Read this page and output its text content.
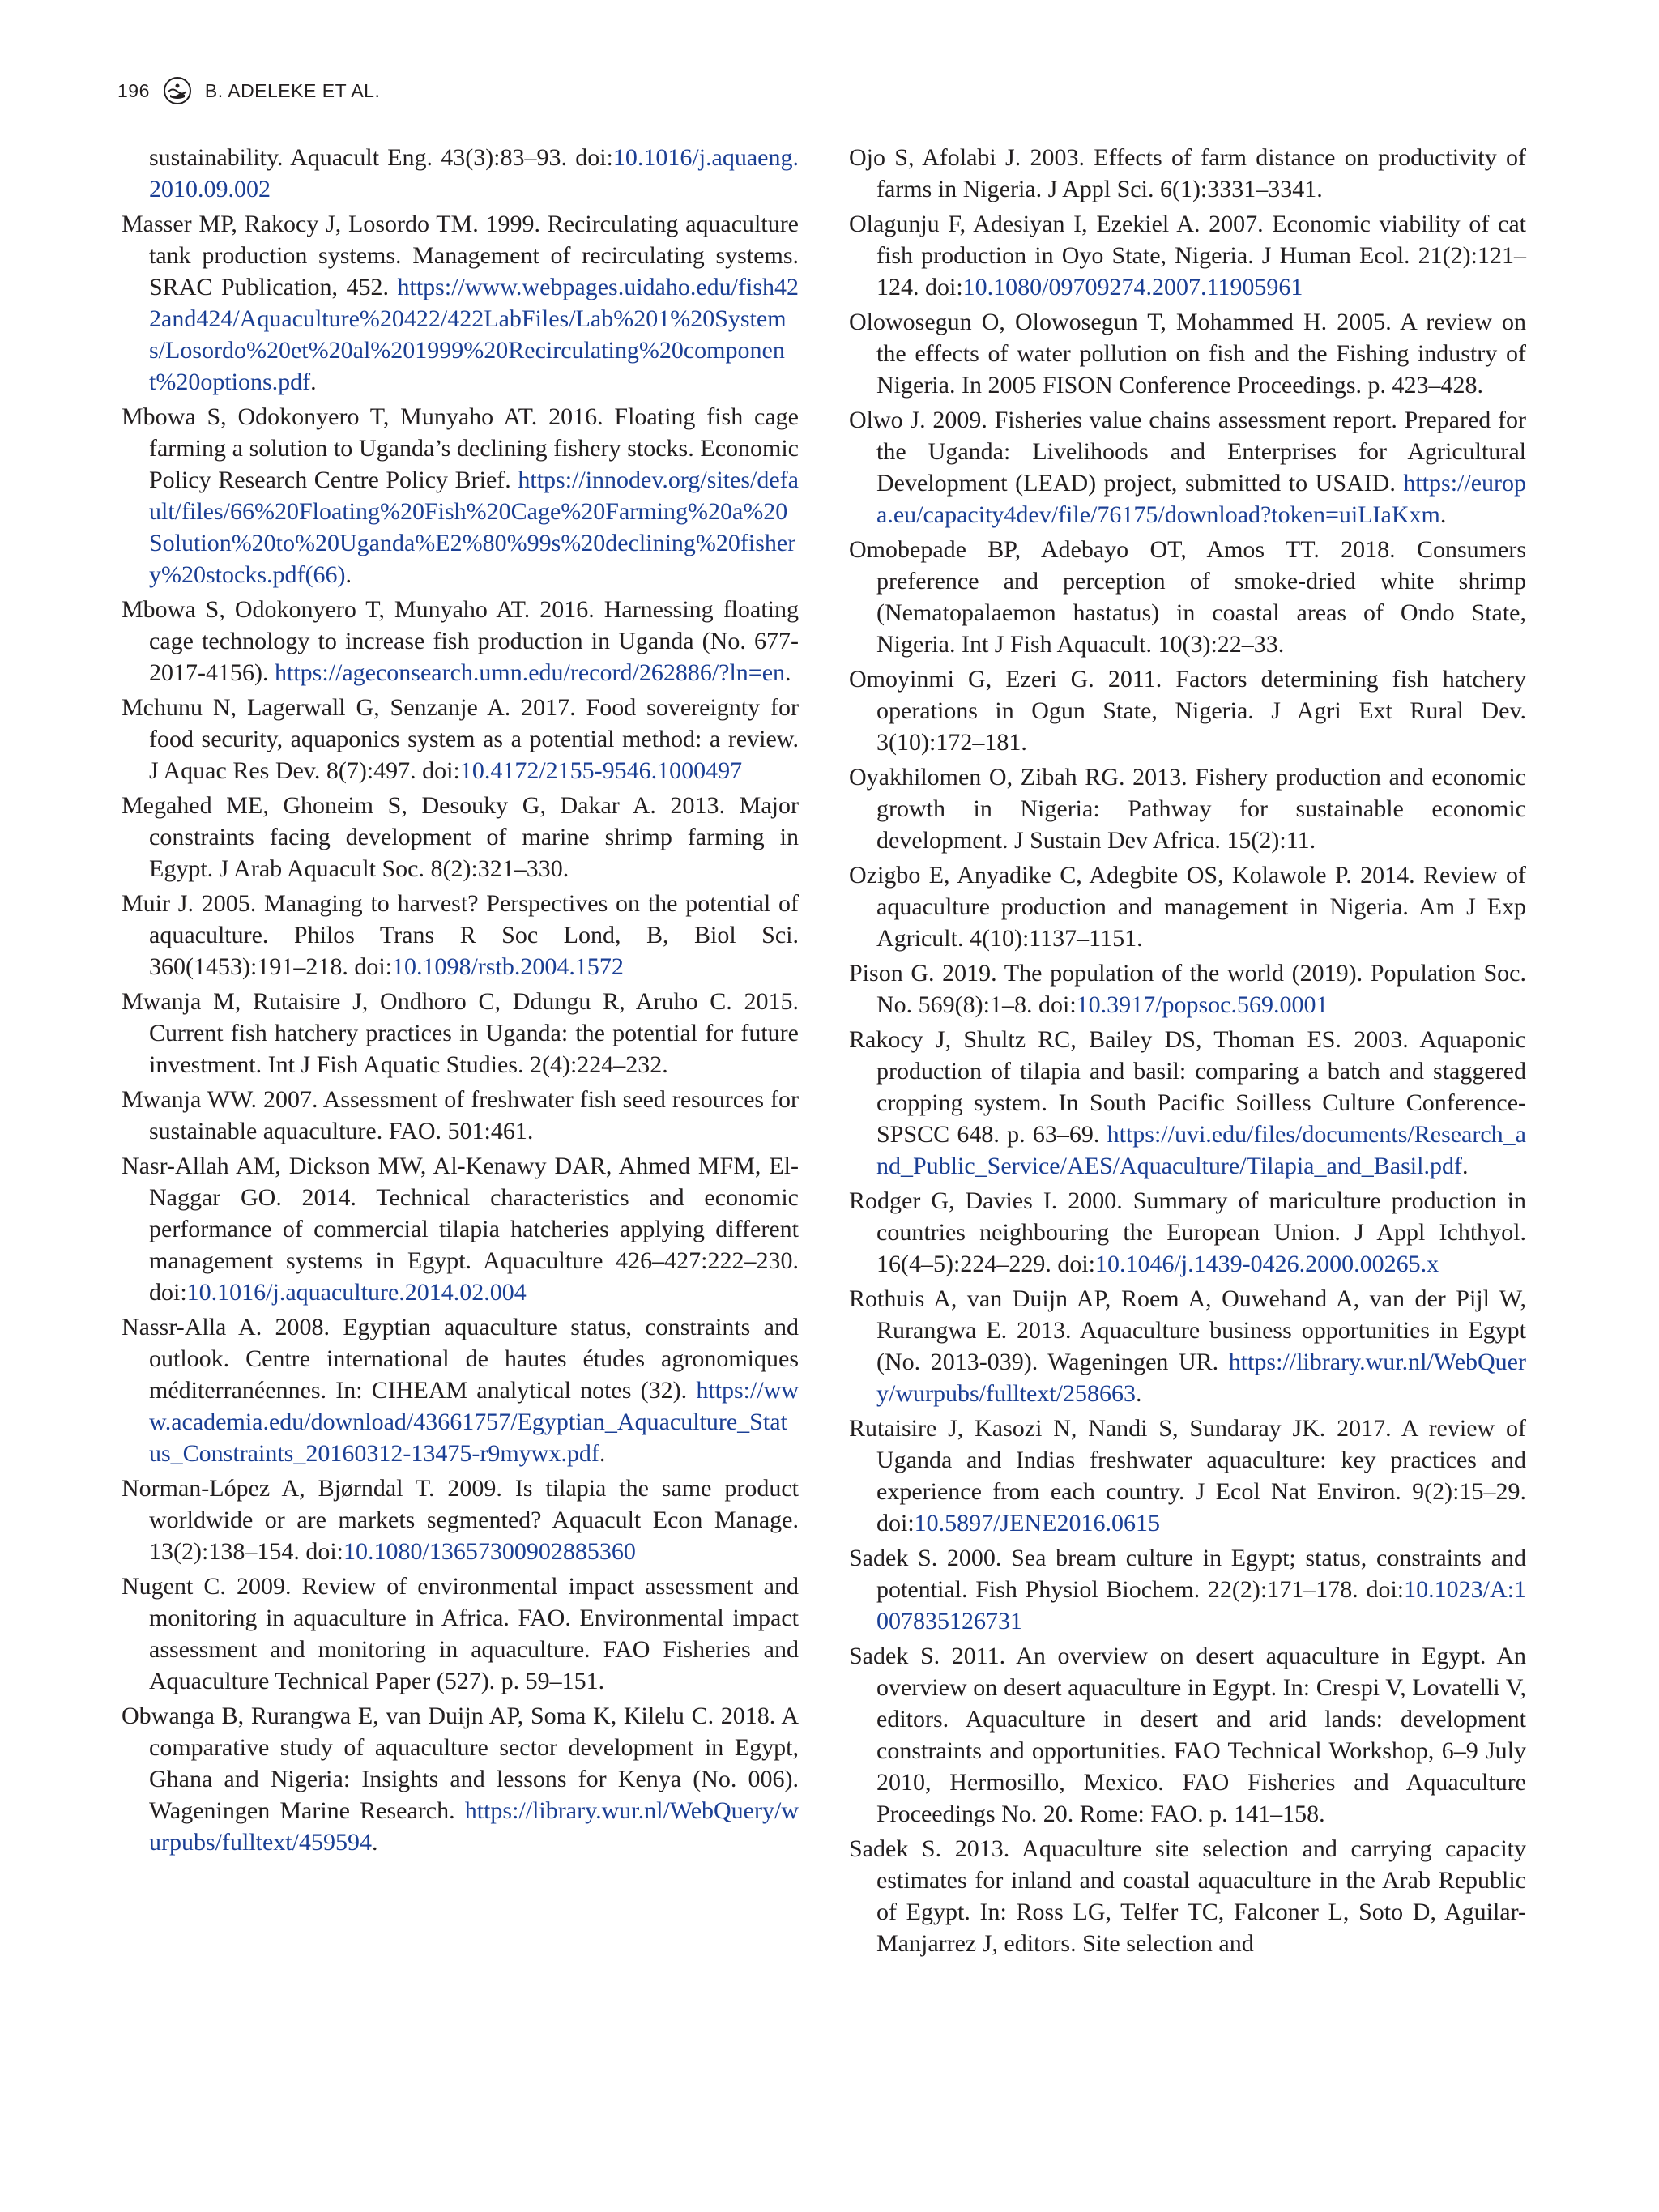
196	B. ADELEKE ET AL.

sustainability. Aquacult Eng. 43(3):83–93. doi:10.1016/j.aquaeng.2010.09.002

Masser MP, Rakocy J, Losordo TM. 1999. Recirculating aquaculture tank production systems. Management of recirculating systems. SRAC Publication, 452. https://www.webpages.uidaho.edu/fish422and424/Aquaculture%20422/422LabFiles/Lab%201%20Systems/Losordo%20et%20al%201999%20Recirculating%20component%20options.pdf.

Mbowa S, Odokonyero T, Munyaho AT. 2016. Floating fish cage farming a solution to Uganda’s declining fishery stocks. Economic Policy Research Centre Policy Brief. https://innodev.org/sites/default/files/66%20Floating%20Fish%20Cage%20Farming%20a%20Solution%20to%20Uganda%E2%80%99s%20declining%20fishery%20stocks.pdf(66).

Mbowa S, Odokonyero T, Munyaho AT. 2016. Harnessing floating cage technology to increase fish production in Uganda (No. 677-2017-4156). https://ageconsearch.umn.edu/record/262886/?ln=en.

Mchunu N, Lagerwall G, Senzanje A. 2017. Food sovereignty for food security, aquaponics system as a potential method: a review. J Aquac Res Dev. 8(7):497. doi:10.4172/2155-9546.1000497

Megahed ME, Ghoneim S, Desouky G, Dakar A. 2013. Major constraints facing development of marine shrimp farming in Egypt. J Arab Aquacult Soc. 8(2):321–330.

Muir J. 2005. Managing to harvest? Perspectives on the potential of aquaculture. Philos Trans R Soc Lond, B, Biol Sci. 360(1453):191–218. doi:10.1098/rstb.2004.1572

Mwanja M, Rutaisire J, Ondhoro C, Ddungu R, Aruho C. 2015. Current fish hatchery practices in Uganda: the potential for future investment. Int J Fish Aquatic Studies. 2(4):224–232.

Mwanja WW. 2007. Assessment of freshwater fish seed resources for sustainable aquaculture. FAO. 501:461.

Nasr-Allah AM, Dickson MW, Al-Kenawy DAR, Ahmed MFM, El-Naggar GO. 2014. Technical characteristics and economic performance of commercial tilapia hatcheries applying different management systems in Egypt. Aquaculture 426–427:222–230. doi:10.1016/j.aquaculture.2014.02.004

Nassr-Alla A. 2008. Egyptian aquaculture status, constraints and outlook. Centre international de hautes études agronomiques méditerranéennes. In: CIHEAM analytical notes (32). https://www.academia.edu/download/43661757/Egyptian_Aquaculture_Status_Constraints_20160312-13475-r9mywx.pdf.

Norman-López A, Bjørndal T. 2009. Is tilapia the same product worldwide or are markets segmented? Aquacult Econ Manage. 13(2):138–154. doi:10.1080/13657300902885360

Nugent C. 2009. Review of environmental impact assessment and monitoring in aquaculture in Africa. FAO. Environmental impact assessment and monitoring in aquaculture. FAO Fisheries and Aquaculture Technical Paper (527). p. 59–151.

Obwanga B, Rurangwa E, van Duijn AP, Soma K, Kilelu C. 2018. A comparative study of aquaculture sector development in Egypt, Ghana and Nigeria: Insights and lessons for Kenya (No. 006). Wageningen Marine Research. https://library.wur.nl/WebQuery/wurpubs/fulltext/459594.

Ojo S, Afolabi J. 2003. Effects of farm distance on productivity of farms in Nigeria. J Appl Sci. 6(1):3331–3341.

Olagunju F, Adesiyan I, Ezekiel A. 2007. Economic viability of cat fish production in Oyo State, Nigeria. J Human Ecol. 21(2):121–124. doi:10.1080/09709274.2007.11905961

Olowosegun O, Olowosegun T, Mohammed H. 2005. A review on the effects of water pollution on fish and the Fishing industry of Nigeria. In 2005 FISON Conference Proceedings. p. 423–428.

Olwo J. 2009. Fisheries value chains assessment report. Prepared for the Uganda: Livelihoods and Enterprises for Agricultural Development (LEAD) project, submitted to USAID. https://europa.eu/capacity4dev/file/76175/download?token=uiLIaKxm.

Omobepade BP, Adebayo OT, Amos TT. 2018. Consumers preference and perception of smoke-dried white shrimp (Nematopalaemon hastatus) in coastal areas of Ondo State, Nigeria. Int J Fish Aquacult. 10(3):22–33.

Omoyinmi G, Ezeri G. 2011. Factors determining fish hatchery operations in Ogun State, Nigeria. J Agri Ext Rural Dev. 3(10):172–181.

Oyakhilomen O, Zibah RG. 2013. Fishery production and economic growth in Nigeria: Pathway for sustainable economic development. J Sustain Dev Africa. 15(2):11.

Ozigbo E, Anyadike C, Adegbite OS, Kolawole P. 2014. Review of aquaculture production and management in Nigeria. Am J Exp Agricult. 4(10):1137–1151.

Pison G. 2019. The population of the world (2019). Population Soc. No. 569(8):1–8. doi:10.3917/popsoc.569.0001

Rakocy J, Shultz RC, Bailey DS, Thoman ES. 2003. Aquaponic production of tilapia and basil: comparing a batch and staggered cropping system. In South Pacific Soilless Culture Conference-SPSCC 648. p. 63–69. https://uvi.edu/files/documents/Research_and_Public_Service/AES/Aquaculture/Tilapia_and_Basil.pdf.

Rodger G, Davies I. 2000. Summary of mariculture production in countries neighbouring the European Union. J Appl Ichthyol. 16(4–5):224–229. doi:10.1046/j.1439-0426.2000.00265.x

Rothuis A, van Duijn AP, Roem A, Ouwehand A, van der Pijl W, Rurangwa E. 2013. Aquaculture business opportunities in Egypt (No. 2013-039). Wageningen UR. https://library.wur.nl/WebQuery/wurpubs/fulltext/258663.

Rutaisire J, Kasozi N, Nandi S, Sundaray JK. 2017. A review of Uganda and Indias freshwater aquaculture: key practices and experience from each country. J Ecol Nat Environ. 9(2):15–29. doi:10.5897/JENE2016.0615

Sadek S. 2000. Sea bream culture in Egypt; status, constraints and potential. Fish Physiol Biochem. 22(2):171–178. doi:10.1023/A:1007835126731

Sadek S. 2011. An overview on desert aquaculture in Egypt. An overview on desert aquaculture in Egypt. In: Crespi V, Lovatelli V, editors. Aquaculture in desert and arid lands: development constraints and opportunities. FAO Technical Workshop, 6–9 July 2010, Hermosillo, Mexico. FAO Fisheries and Aquaculture Proceedings No. 20. Rome: FAO. p. 141–158.

Sadek S. 2013. Aquaculture site selection and carrying capacity estimates for inland and coastal aquaculture in the Arab Republic of Egypt. In: Ross LG, Telfer TC, Falconer L, Soto D, Aguilar-Manjarrez J, editors. Site selection and
